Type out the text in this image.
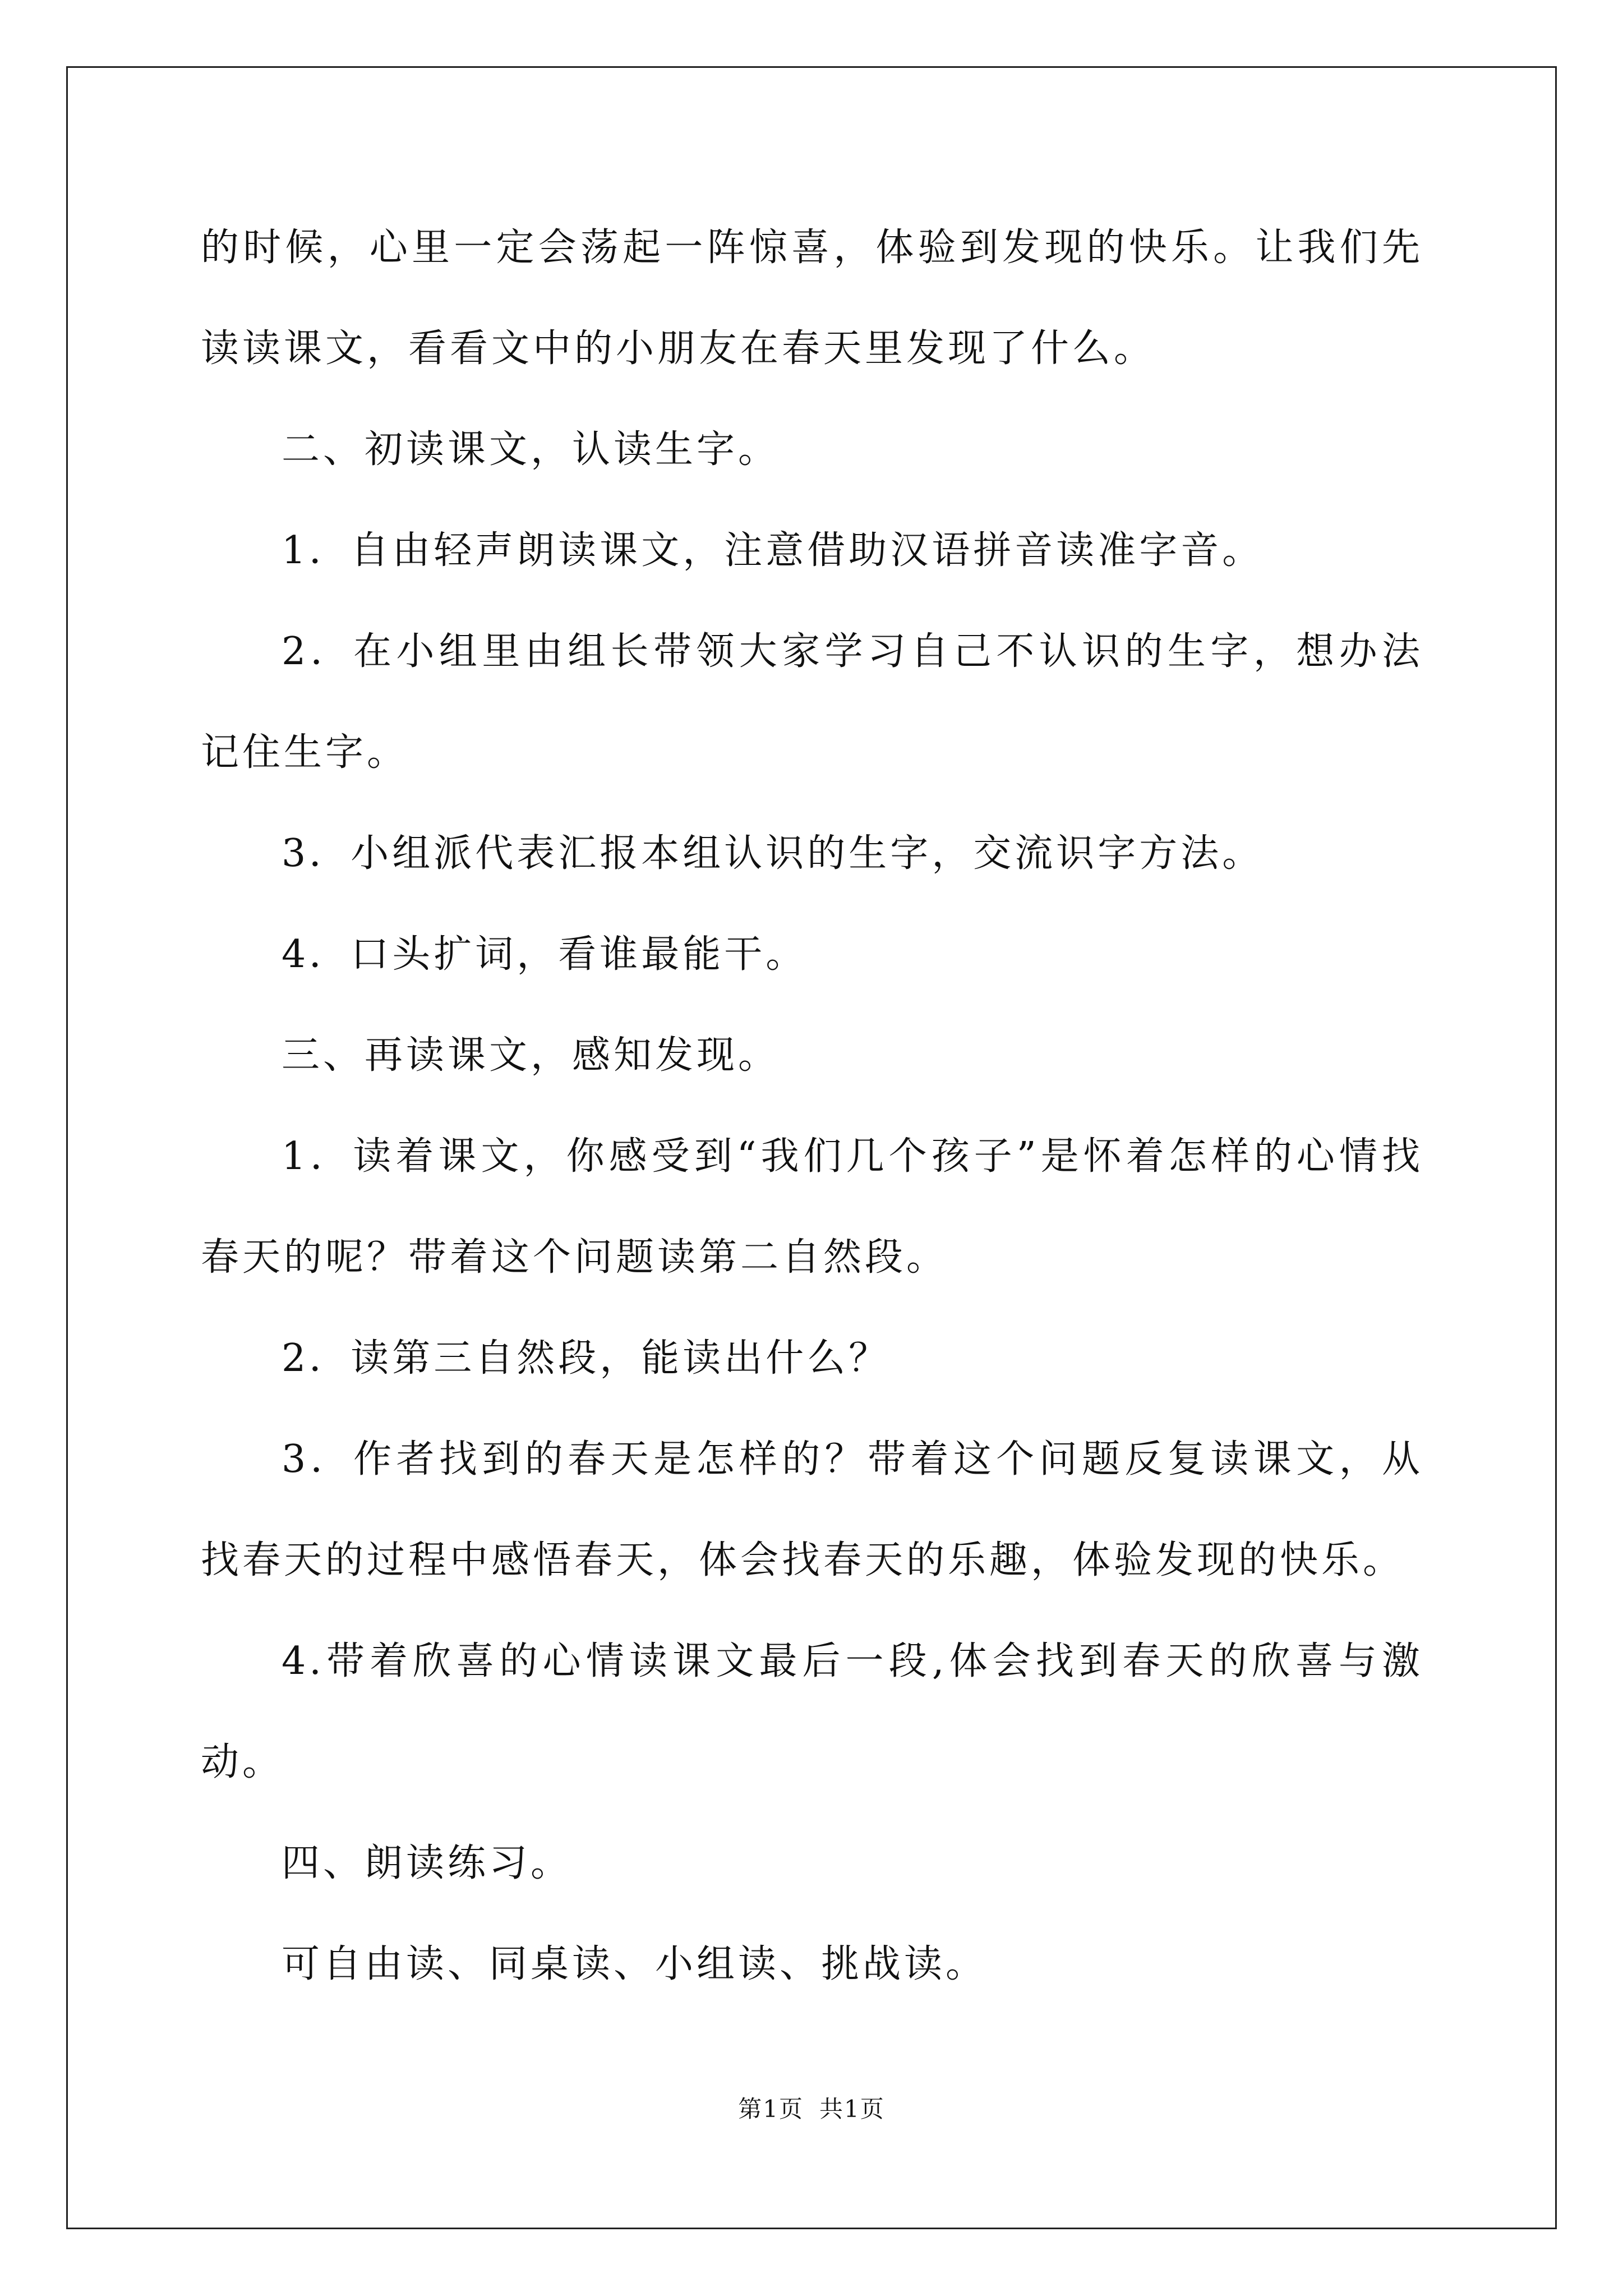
的时候，心里一定会荡起一阵惊喜，体验到发现的快乐。让我们先读读课文，看看文中的小朋友在春天里发现了什么。

二、初读课文，认读生字。

1．自由轻声朗读课文，注意借助汉语拼音读准字音。

2．在小组里由组长带领大家学习自己不认识的生字，想办法记住生字。

3．小组派代表汇报本组认识的生字，交流识字方法。

4．口头扩词，看谁最能干。

三、再读课文，感知发现。

1．读着课文，你感受到“我们几个孩子”是怀着怎样的心情找春天的呢？带着这个问题读第二自然段。

2．读第三自然段，能读出什么？

3．作者找到的春天是怎样的？带着这个问题反复读课文，从找春天的过程中感悟春天，体会找春天的乐趣，体验发现的快乐。

4.带着欣喜的心情读课文最后一段,体会找到春天的欣喜与激动。

四、朗读练习。

可自由读、同桌读、小组读、挑战读。

第1页 共1页
